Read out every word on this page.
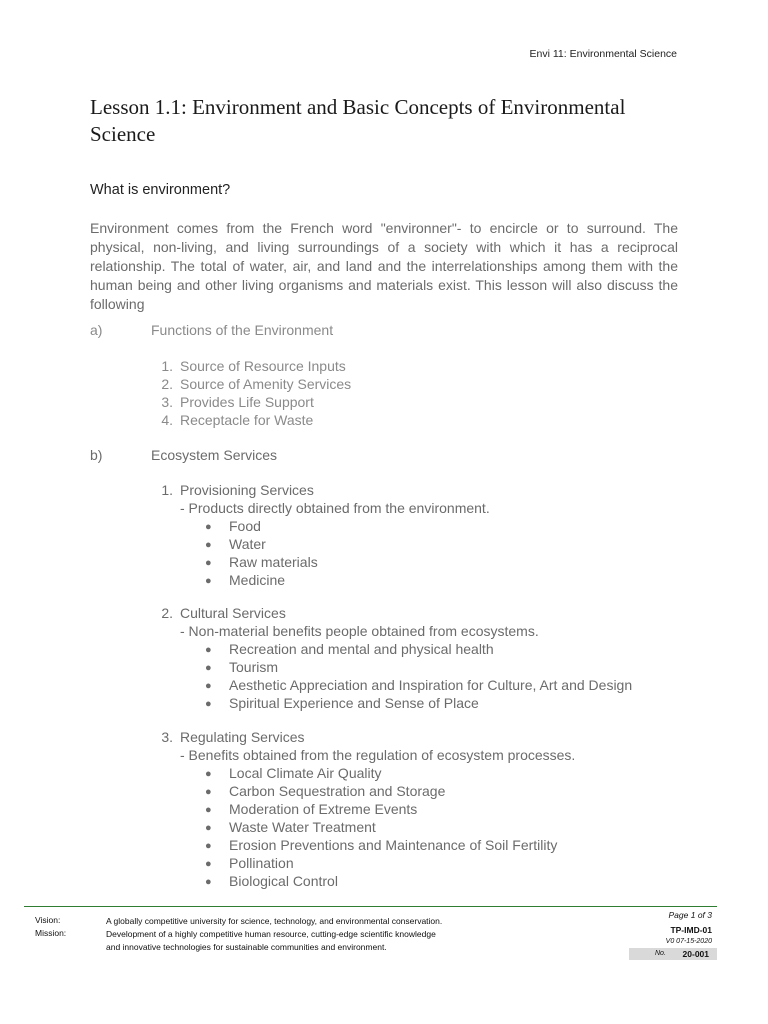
Envi 11: Environmental Science
Lesson 1.1: Environment and Basic Concepts of Environmental Science
What is environment?

Environment comes from the French word "environner"- to encircle or to surround. The physical, non-living, and living surroundings of a society with which it has a reciprocal relationship. The total of water, air, and land and the interrelationships among them with the human being and other living organisms and materials exist. This lesson will also discuss the following

a)	Functions of the Environment
1. Source of Resource Inputs
2. Source of Amenity Services
3. Provides Life Support
4. Receptacle for Waste
b)	Ecosystem Services
1. Provisioning Services
- Products directly obtained from the environment.
● Food
● Water
● Raw materials
● Medicine
2. Cultural Services
- Non-material benefits people obtained from ecosystems.
● Recreation and mental and physical health
● Tourism
● Aesthetic Appreciation and Inspiration for Culture, Art and Design
● Spiritual Experience and Sense of Place
3. Regulating Services
- Benefits obtained from the regulation of ecosystem processes.
● Local Climate Air Quality
● Carbon Sequestration and Storage
● Moderation of Extreme Events
● Waste Water Treatment
● Erosion Preventions and Maintenance of Soil Fertility
● Pollination
● Biological Control
Vision:	A globally competitive university for science, technology, and environmental conservation.
Mission:	Development of a highly competitive human resource, cutting-edge scientific knowledge
and innovative technologies for sustainable communities and environment.
Page 1 of 3
TP-IMD-01
V0 07-15-2020
No. 20-001
